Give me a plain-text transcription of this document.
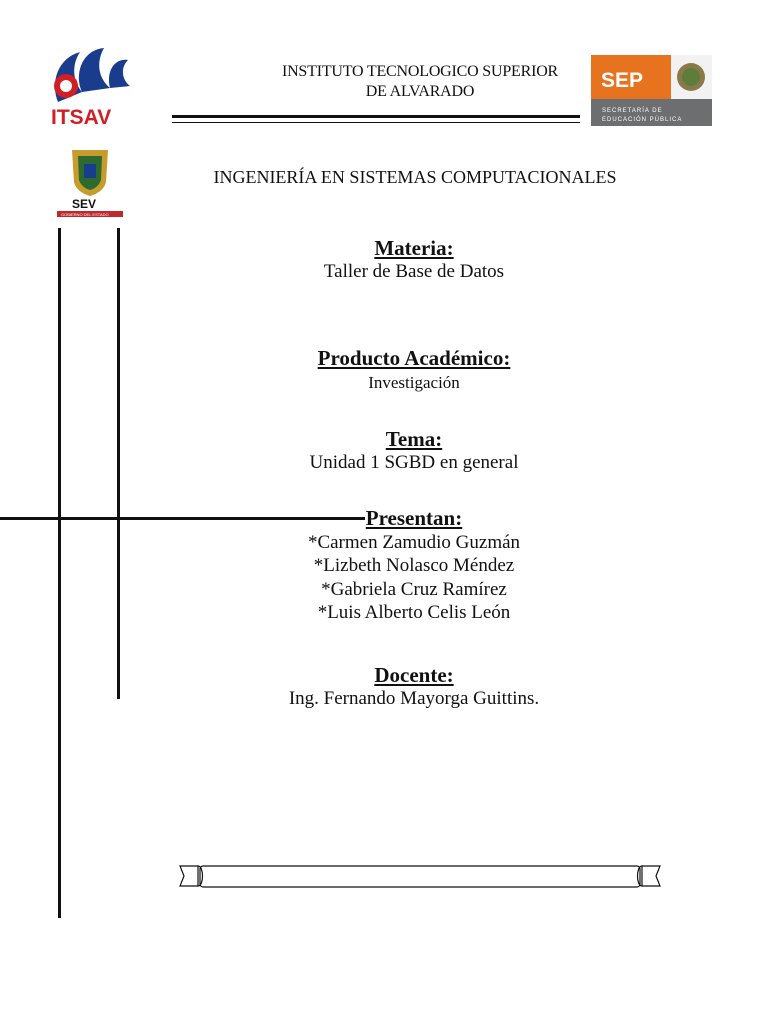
ITSAV
INSTITUTO TECNOLOGICO SUPERIOR
DE ALVARADO	SEP
SECRETARÍA DE
EDUCACIÓN PÚBLICA
SEV
GOBIERNO DEL ESTADO
INGENIERÍA EN SISTEMAS COMPUTACIONALES
Materia:
Taller de Base de Datos
Producto Académico:
Investigación
Tema:
Unidad 1 SGBD en general
Presentan:
*Carmen Zamudio Guzmán
*Lizbeth Nolasco Méndez
*Gabriela Cruz Ramírez
*Luis Alberto Celis León
Docente:
Ing. Fernando Mayorga Guittins.
